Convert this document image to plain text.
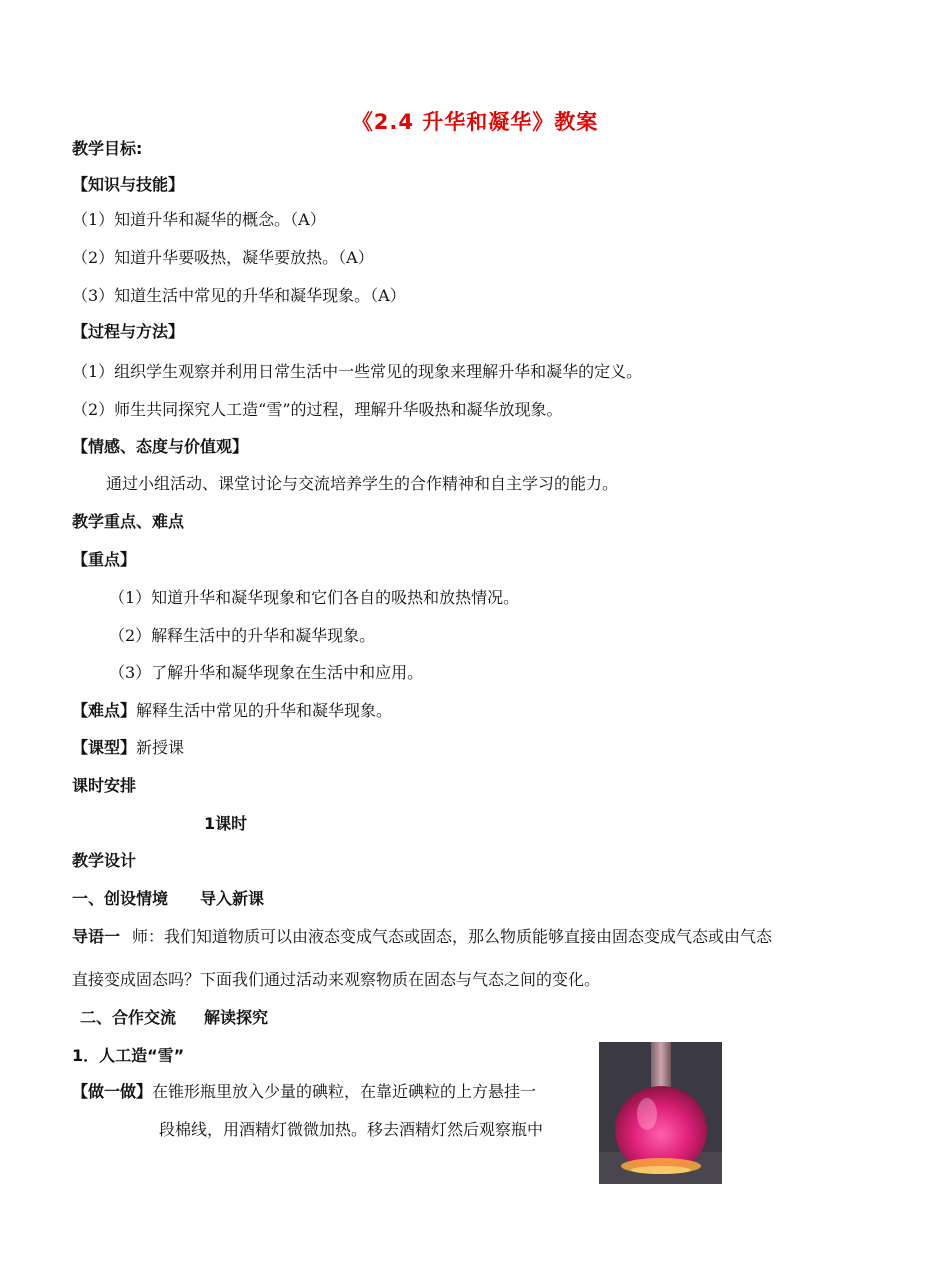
《2.4 升华和凝华》教案
教学目标:
【知识与技能】
（1）知道升华和凝华的概念。（A）
（2）知道升华要吸热，凝华要放热。（A）
（3）知道生活中常见的升华和凝华现象。（A）
【过程与方法】
（1）组织学生观察并利用日常生活中一些常见的现象来理解升华和凝华的定义。
（2）师生共同探究人工造“雪”的过程，理解升华吸热和凝华放现象。
【情感、态度与价值观】
通过小组活动、课堂讨论与交流培养学生的合作精神和自主学习的能力。
教学重点、难点
【重点】
（1）知道升华和凝华现象和它们各自的吸热和放热情况。
（2）解释生活中的升华和凝华现象。
（3）了解升华和凝华现象在生活中和应用。
【难点】解释生活中常见的升华和凝华现象。
【课型】新授课
课时安排
1课时
教学设计
一、创设情境 导入新课
导语一 师：我们知道物质可以由液态变成气态或固态，那么物质能够直接由固态变成气态或由气态
直接变成固态吗？下面我们通过活动来观察物质在固态与气态之间的变化。
二、合作交流 解读探究
1．人工造“雪”
【做一做】在锥形瓶里放入少量的碘粒，在靠近碘粒的上方悬挂一
段棉线，用酒精灯微微加热。移去酒精灯然后观察瓶中
